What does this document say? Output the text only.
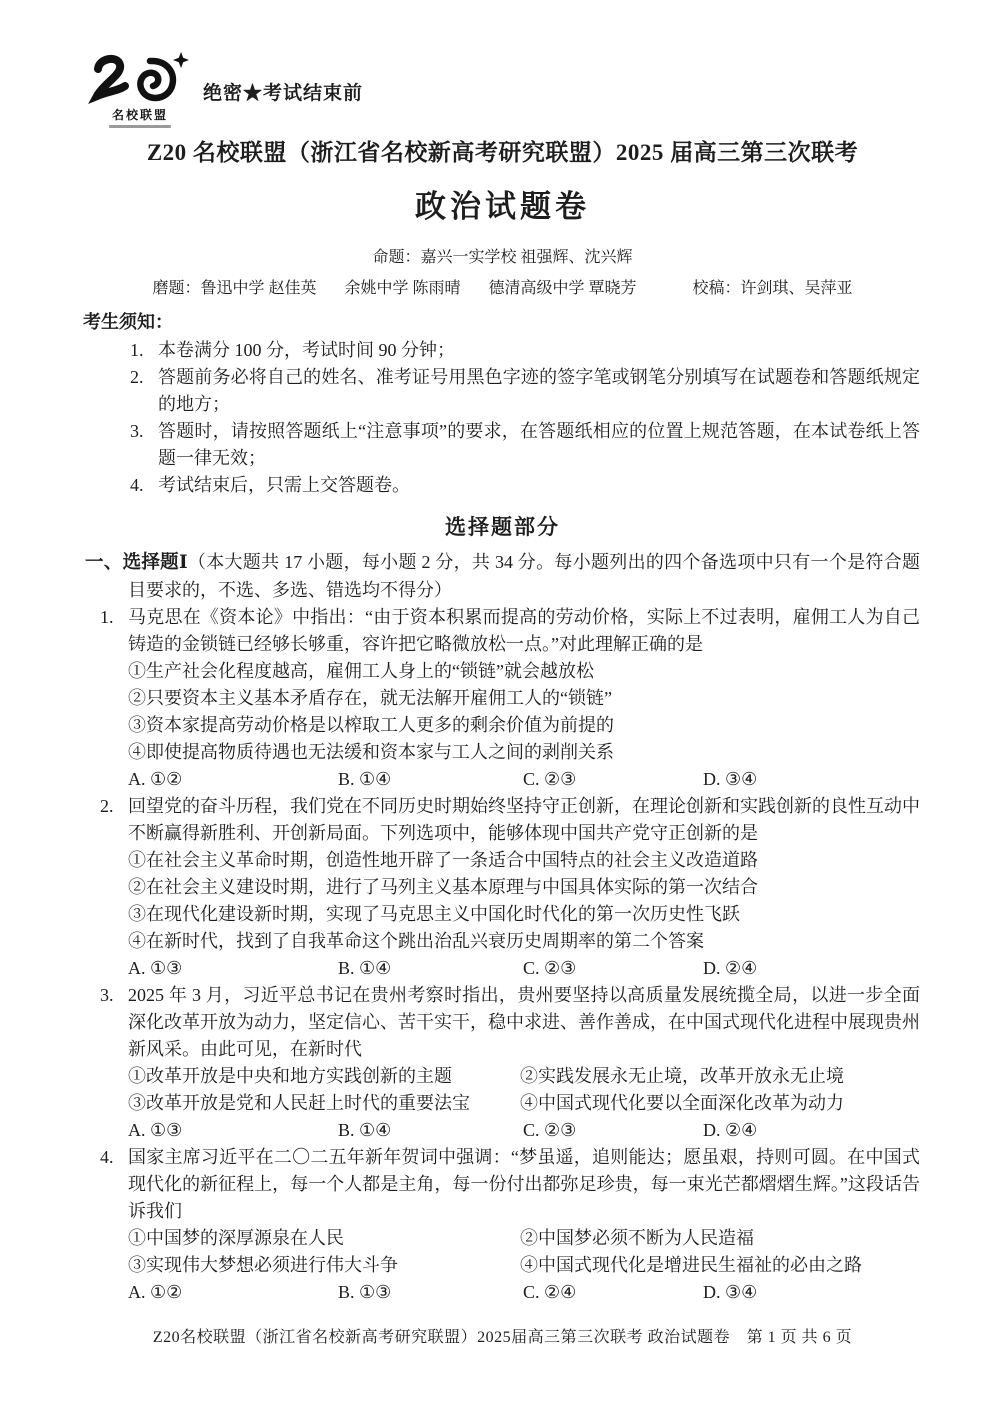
名校联盟
绝密★考试结束前
Z20 名校联盟（浙江省名校新高考研究联盟）2025 届高三第三次联考
政治试题卷
命题：嘉兴一实学校 祖强辉、沈兴辉
磨题：鲁迅中学 赵佳英 余姚中学 陈雨晴 德清高级中学 覃晓芳	校稿：许剑琪、吴萍亚
考生须知：
1. 本卷满分 100 分，考试时间 90 分钟；
2. 答题前务必将自己的姓名、准考证号用黑色字迹的签字笔或钢笔分别填写在试题卷和答题纸规定的地方；
3. 答题时，请按照答题纸上“注意事项”的要求，在答题纸相应的位置上规范答题，在本试卷纸上答题一律无效；
4. 考试结束后，只需上交答题卷。
选择题部分
一、选择题Ⅰ（本大题共 17 小题，每小题 2 分，共 34 分。每小题列出的四个备选项中只有一个是符合题目要求的，不选、多选、错选均不得分）
1. 马克思在《资本论》中指出：“由于资本积累而提高的劳动价格，实际上不过表明，雇佣工人为自己铸造的金锁链已经够长够重，容许把它略微放松一点。”对此理解正确的是
①生产社会化程度越高，雇佣工人身上的“锁链”就会越放松
②只要资本主义基本矛盾存在，就无法解开雇佣工人的“锁链”
③资本家提高劳动价格是以榨取工人更多的剩余价值为前提的
④即使提高物质待遇也无法缓和资本家与工人之间的剥削关系
A. ①②	B. ①④	C. ②③	D. ③④
2. 回望党的奋斗历程，我们党在不同历史时期始终坚持守正创新，在理论创新和实践创新的良性互动中不断赢得新胜利、开创新局面。下列选项中，能够体现中国共产党守正创新的是
①在社会主义革命时期，创造性地开辟了一条适合中国特点的社会主义改造道路
②在社会主义建设时期，进行了马列主义基本原理与中国具体实际的第一次结合
③在现代化建设新时期，实现了马克思主义中国化时代化的第一次历史性飞跃
④在新时代，找到了自我革命这个跳出治乱兴衰历史周期率的第二个答案
A. ①③	B. ①④	C. ②③	D. ②④
3. 2025 年 3 月，习近平总书记在贵州考察时指出，贵州要坚持以高质量发展统揽全局，以进一步全面深化改革开放为动力，坚定信心、苦干实干，稳中求进、善作善成，在中国式现代化进程中展现贵州新风采。由此可见，在新时代
①改革开放是中央和地方实践创新的主题	②实践发展永无止境，改革开放永无止境
③改革开放是党和人民赶上时代的重要法宝	④中国式现代化要以全面深化改革为动力
A. ①③	B. ①④	C. ②③	D. ②④
4. 国家主席习近平在二〇二五年新年贺词中强调：“梦虽遥，追则能达；愿虽艰，持则可圆。在中国式现代化的新征程上，每一个人都是主角，每一份付出都弥足珍贵，每一束光芒都熠熠生辉。”这段话告诉我们
①中国梦的深厚源泉在人民	②中国梦必须不断为人民造福
③实现伟大梦想必须进行伟大斗争	④中国式现代化是增进民生福祉的必由之路
A. ①②	B. ①③	C. ②④	D. ③④
Z20名校联盟（浙江省名校新高考研究联盟）2025届高三第三次联考 政治试题卷　第 1 页 共 6 页
